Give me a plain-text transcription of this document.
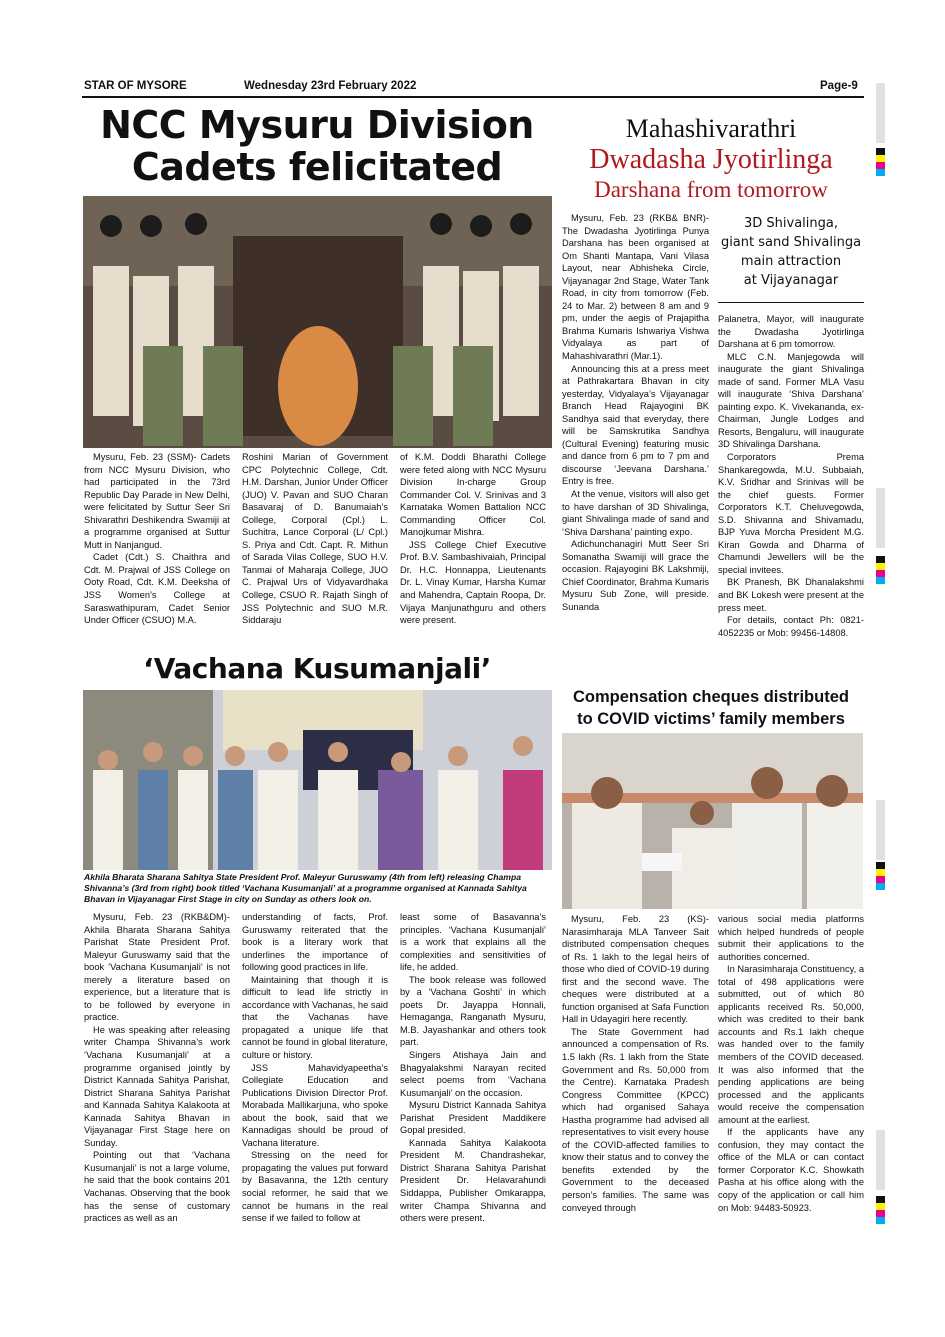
STAR OF MYSORE	Wednesday 23rd February 2022	Page-9
NCC Mysuru Division
Cadets felicitated

Mysuru, Feb. 23 (SSM)- Cadets from NCC Mysuru Division, who had participated in the 73rd Republic Day Parade in New Delhi, were felicitated by Suttur Seer Sri Shivarathri Deshikendra Swamiji at a programme organised at Suttur Mutt in Nanjangud.

Cadet (Cdt.) S. Chaithra and Cdt. M. Prajwal of JSS College on Ooty Road, Cdt. K.M. Deeksha of JSS Women’s College at Saraswathipuram, Cadet Senior Under Officer (CSUO) M.A.

Roshini Marian of Government CPC Polytechnic College, Cdt. H.M. Darshan, Junior Under Officer (JUO) V. Pavan and SUO Charan Basavaraj of D. Banumaiah’s College, Corporal (Cpl.) L. Suchitra, Lance Corporal (L/ Cpl.) S. Priya and Cdt. Capt. R. Mithun of Sarada Vilas College, SUO H.V. Tanmai of Maharaja College, JUO C. Prajwal Urs of Vidyavardhaka College, CSUO R. Rajath Singh of JSS Polytechnic and SUO M.R. Siddaraju

of K.M. Doddi Bharathi College were feted along with NCC Mysuru Division In-charge Group Commander Col. V. Srinivas and 3 Karnataka Women Battalion NCC Commanding Officer Col. Manojkumar Mishra.

JSS College Chief Executive Prof. B.V. Sambashivaiah, Principal Dr. H.C. Honnappa, Lieutenants Dr. L. Vinay Kumar, Harsha Kumar and Mahendra, Captain Roopa, Dr. Vijaya Manjunathguru and others were present.

‘Vachana Kusumanjali’
Akhila Bharata Sharana Sahitya State President Prof. Maleyur Guruswamy (4th from left) releasing Champa Shivanna’s (3rd from right) book titled ‘Vachana Kusumanjali’ at a programme organised at Kannada Sahitya Bhavan in Vijayanagar First Stage in city on Sunday as others look on.

Mysuru, Feb. 23 (RKB&DM)- Akhila Bharata Sharana Sahitya Parishat State President Prof. Maleyur Guruswamy said that the book ‘Vachana Kusumanjali’ is not merely a literature based on experience, but a literature that is to be followed by everyone in practice.

He was speaking after releasing writer Champa Shivanna’s work ‘Vachana Kusumanjali’ at a programme organised jointly by District Kannada Sahitya Parishat, District Sharana Sahitya Parishat and Kannada Sahitya Kalakoota at Kannada Sahitya Bhavan in Vijayanagar First Stage here on Sunday.

Pointing out that ‘Vachana Kusumanjali’ is not a large volume, he said that the book contains 201 Vachanas. Observing that the book has the sense of customary practices as well as an

understanding of facts, Prof. Guruswamy reiterated that the book is a literary work that underlines the importance of following good practices in life.

Maintaining that though it is difficult to lead life strictly in accordance with Vachanas, he said that the Vachanas have propagated a unique life that cannot be found in global literature, culture or history.

JSS Mahavidyapeetha’s Collegiate Education and Publications Division Director Prof. Morabada Mallikarjuna, who spoke about the book, said that we Kannadigas should be proud of Vachana literature.

Stressing on the need for propagating the values put forward by Basavanna, the 12th century social reformer, he said that we cannot be humans in the real sense if we failed to follow at

least some of Basavanna’s principles. ‘Vachana Kusumanjali’ is a work that explains all the complexities and sensitivities of life, he added.

The book release was followed by a ‘Vachana Goshti’ in which poets Dr. Jayappa Honnali, Hemaganga, Ranganath Mysuru, M.B. Jayashankar and others took part.

Singers Atishaya Jain and Bhagyalakshmi Narayan recited select poems from ‘Vachana Kusumanjali’ on the occasion.

Mysuru District Kannada Sahitya Parishat President Maddikere Gopal presided.

Kannada Sahitya Kalakoota President M. Chandrashekar, District Sharana Sahitya Parishat President Dr. Helavarahundi Siddappa, Publisher Omkarappa, writer Champa Shivanna and others were present.

Mahashivarathri
Dwadasha Jyotirlinga
Darshana from tomorrow

Mysuru, Feb. 23 (RKB& BNR)- The Dwadasha Jyotirlinga Punya Darshana has been organised at Om Shanti Mantapa, Vani Vilasa Layout, near Abhisheka Circle, Vijayanagar 2nd Stage, Water Tank Road, in city from tomorrow (Feb. 24 to Mar. 2) between 8 am and 9 pm, under the aegis of Prajapitha Brahma Kumaris Ishwariya Vishwa Vidyalaya as part of Mahashivarathri (Mar.1).

Announcing this at a press meet at Pathrakartara Bhavan in city yesterday, Vidyalaya’s Vijayanagar Branch Head Rajayogini BK Sandhya said that everyday, there will be Samskrutika Sandhya (Cultural Evening) featuring music and dance from 6 pm to 7 pm and discourse ‘Jeevana Darshana.’ Entry is free.

At the venue, visitors will also get to have darshan of 3D Shivalinga, giant Shivalinga made of sand and ‘Shiva Darshana’ painting expo.

Adichunchanagiri Mutt Seer Sri Somanatha Swamiji will grace the occasion. Rajayogini BK Lakshmiji, Chief Coordinator, Brahma Kumaris Mysuru Sub Zone, will preside. Sunanda

3D Shivalinga,
giant sand Shivalinga
main attraction
at Vijayanagar

Palanetra, Mayor, will inaugurate the Dwadasha Jyotirlinga Darshana at 6 pm tomorrow.

MLC C.N. Manjegowda will inaugurate the giant Shivalinga made of sand. Former MLA Vasu will inaugurate ‘Shiva Darshana’ painting expo. K. Vivekananda, ex-Chairman, Jungle Lodges and Resorts, Bengaluru, will inaugurate 3D Shivalinga Darshana.

Corporators Prema Shankaregowda, M.U. Subbaiah, K.V. Sridhar and Srinivas will be the chief guests. Former Corporators K.T. Cheluvegowda, S.D. Shivanna and Shivamadu, BJP Yuva Morcha President M.G. Kiran Gowda and Dharma of Chamundi Jewellers will be the special invitees.

BK Pranesh, BK Dhanalakshmi and BK Lokesh were present at the press meet.

For details, contact Ph: 0821-4052235 or Mob: 99456-14808.

Compensation cheques distributed
to COVID victims’ family members

Mysuru, Feb. 23 (KS)- Narasimharaja MLA Tanveer Sait distributed compensation cheques of Rs. 1 lakh to the legal heirs of those who died of COVID-19 during first and the second wave. The cheques were distributed at a function organised at Safa Function Hall in Udayagiri here recently.

The State Government had announced a compensation of Rs. 1.5 lakh (Rs. 1 lakh from the State Government and Rs. 50,000 from the Centre). Karnataka Pradesh Congress Committee (KPCC) which had organised Sahaya Hastha programme had advised all representatives to visit every house of the COVID-affected families to know their status and to convey the benefits extended by the Government to the deceased person’s families. The same was conveyed through

various social media platforms which helped hundreds of people submit their applications to the authorities concerned.

In Narasimharaja Constituency, a total of 498 applications were submitted, out of which 80 applicants received Rs. 50,000, which was credited to their bank accounts and Rs.1 lakh cheque was handed over to the family members of the COVID deceased. It was also informed that the pending applications are being processed and the applicants would receive the compensation amount at the earliest.

If the applicants have any confusion, they may contact the office of the MLA or can contact former Corporator K.C. Showkath Pasha at his office along with the copy of the application or call him on Mob: 94483-50923.
